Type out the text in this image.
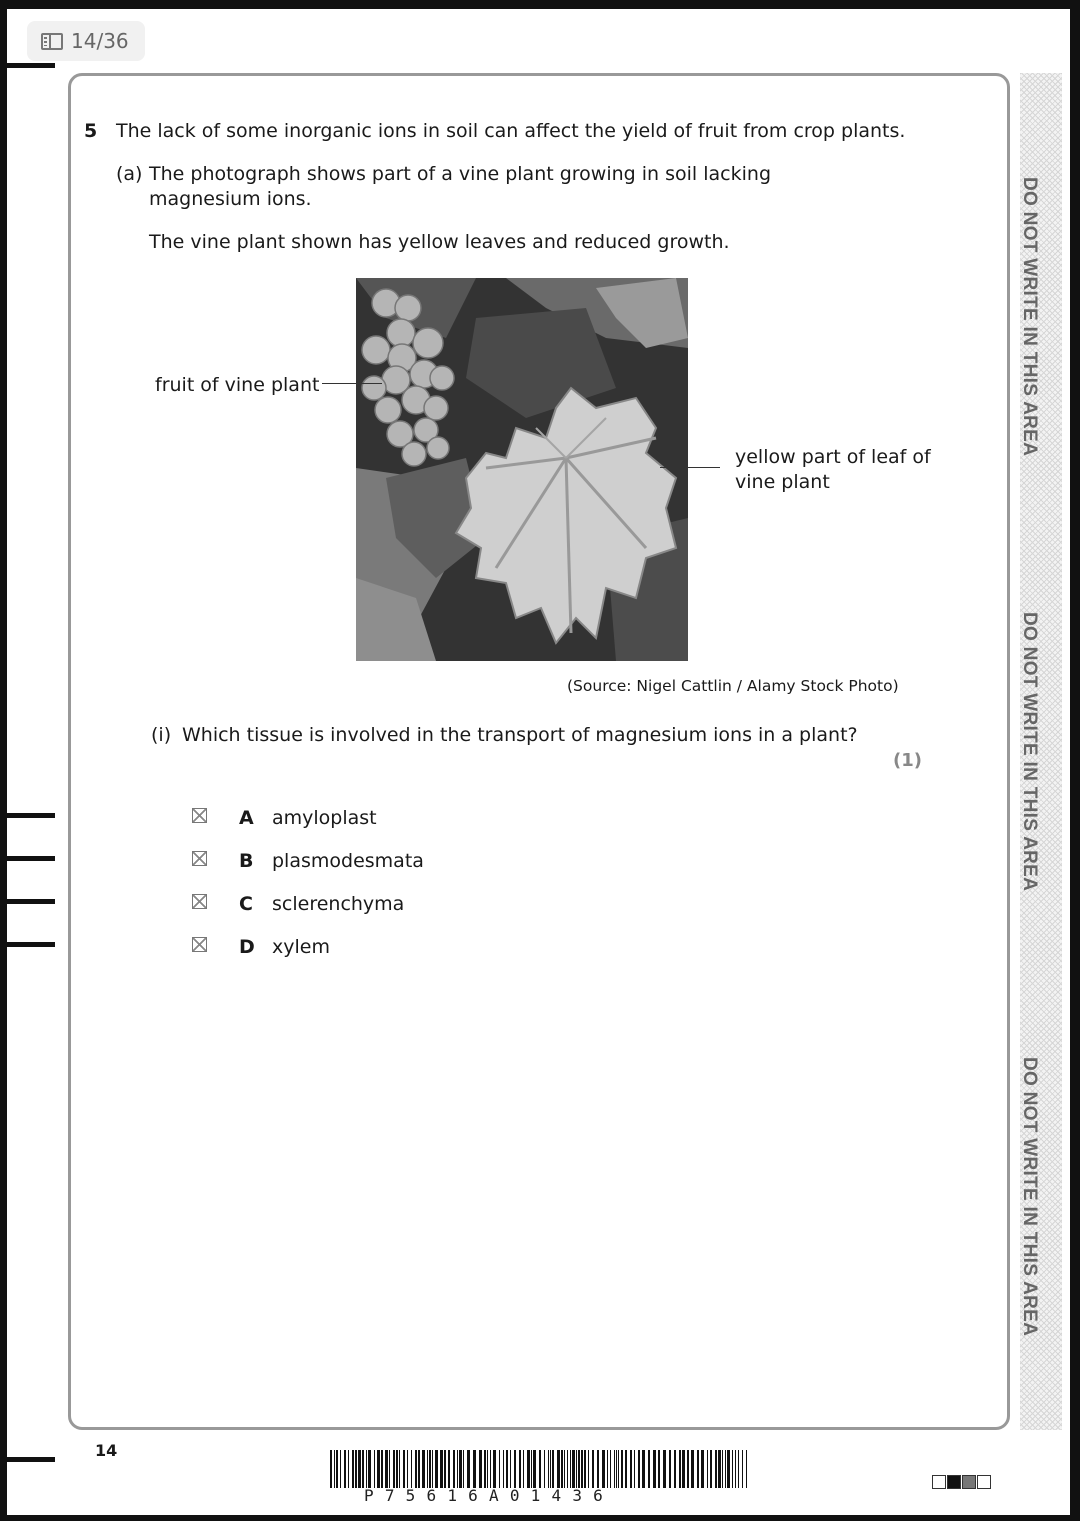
14/36
DO NOT WRITE IN THIS AREA
DO NOT WRITE IN THIS AREA
DO NOT WRITE IN THIS AREA
5 The lack of some inorganic ions in soil can affect the yield of fruit from crop plants.
(a) The photograph shows part of a vine plant growing in soil lacking
magnesium ions.
The vine plant shown has yellow leaves and reduced growth.
fruit of vine plant
yellow part of leaf of
vine plant
(Source: Nigel Cattlin / Alamy Stock Photo)
(i) Which tissue is involved in the transport of magnesium ions in a plant?
(1)
A amyloplast
B plasmodesmata
C sclerenchyma
D xylem
14
P75616A01436
